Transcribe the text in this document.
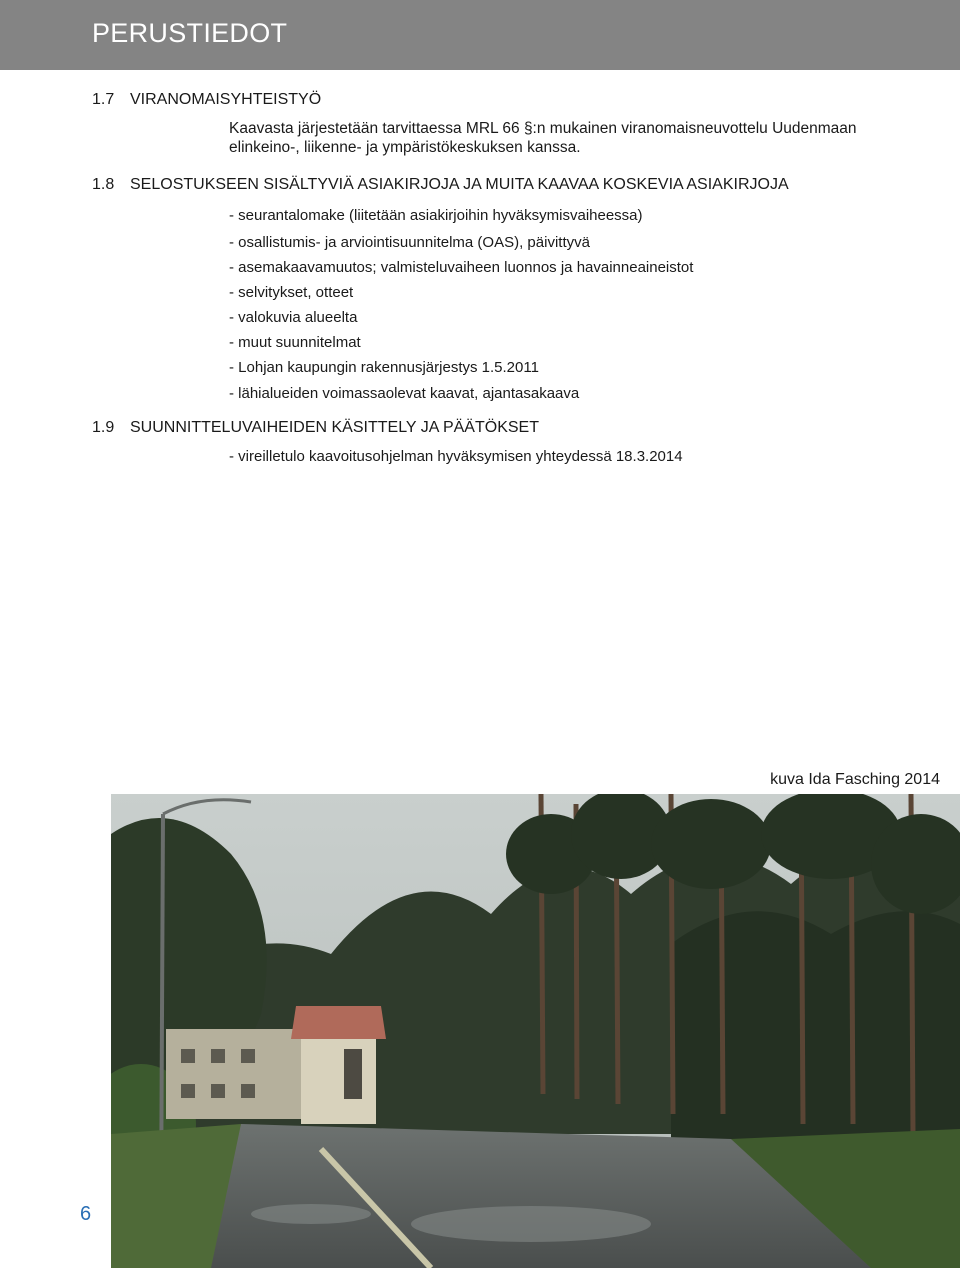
PERUSTIEDOT
1.7 VIRANOMAISYHTEISTYÖ
Kaavasta järjestetään tarvittaessa MRL 66 §:n mukainen viranomaisneuvottelu Uudenmaan
elinkeino-, liikenne- ja ympäristökeskuksen kanssa.
1.8 SELOSTUKSEEN SISÄLTYVIÄ ASIAKIRJOJA JA MUITA KAAVAA KOSKEVIA ASIAKIRJOJA
- seurantalomake (liitetään asiakirjoihin hyväksymisvaiheessa)
- osallistumis- ja arviointisuunnitelma (OAS), päivittyvä
- asemakaavamuutos; valmisteluvaiheen luonnos ja havainneaineistot
- selvitykset, otteet
- valokuvia alueelta
- muut suunnitelmat
- Lohjan kaupungin rakennusjärjestys 1.5.2011
- lähialueiden voimassaolevat kaavat, ajantasakaava
1.9 SUUNNITTELUVAIHEIDEN KÄSITTELY JA PÄÄTÖKSET
- vireilletulo kaavoitusohjelman hyväksymisen yhteydessä 18.3.2014
kuva Ida Fasching 2014
6
